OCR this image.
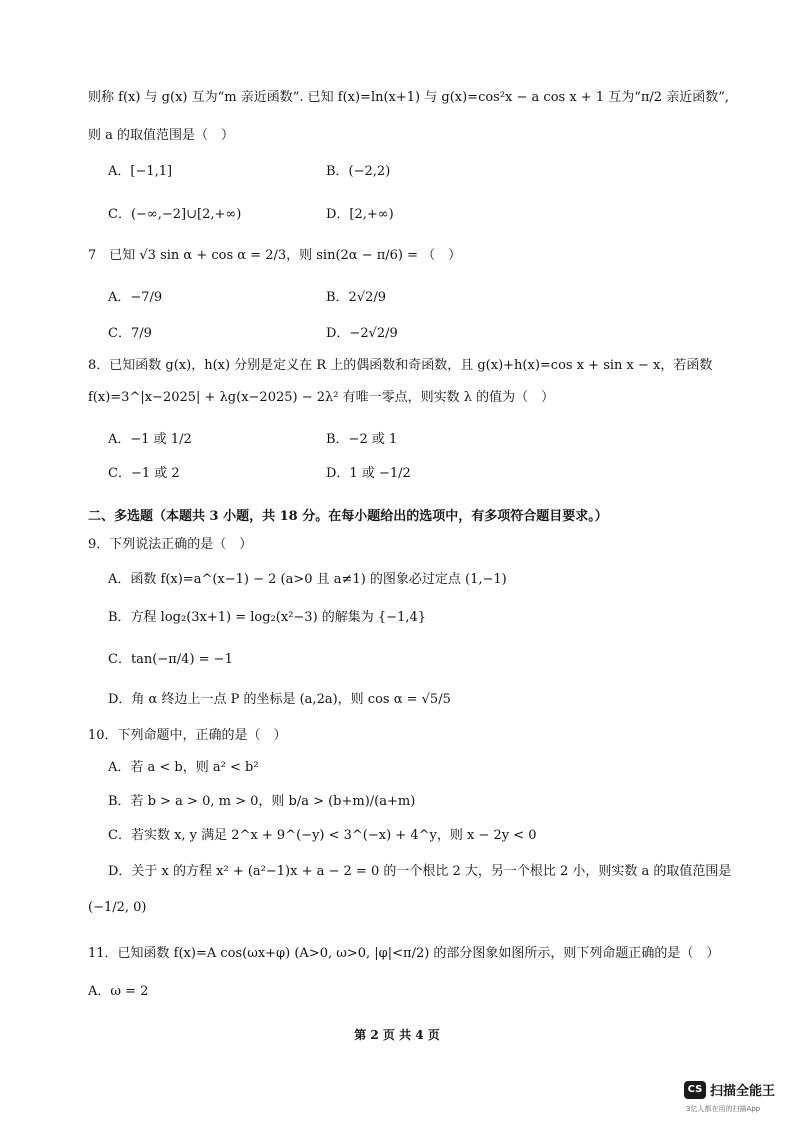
则称 f(x) 与 g(x) 互为“m 亲近函数”. 已知 f(x)=ln(x+1) 与 g(x)=cos²x − a cos x + 1 互为“π/2 亲近函数”,
则 a 的取值范围是（　）
A．[−1,1]	B．(−2,2)
C．(−∞,−2]∪[2,+∞)	D．[2,+∞)
7　已知 √3 sin α + cos α = 2/3，则 sin(2α − π/6) = （　）
A．−7/9	B．2√2/9
C．7/9	D．−2√2/9
8．已知函数 g(x)，h(x) 分别是定义在 R 上的偶函数和奇函数，且 g(x)+h(x)=cos x + sin x − x，若函数
f(x)=3^|x−2025| + λg(x−2025) − 2λ² 有唯一零点，则实数 λ 的值为（　）
A．−1 或 1/2	B．−2 或 1
C．−1 或 2	D．1 或 −1/2
二、多选题（本题共 3 小题，共 18 分。在每小题给出的选项中，有多项符合题目要求。）
9．下列说法正确的是（　）
A．函数 f(x)=a^(x−1) − 2 (a>0 且 a≠1) 的图象必过定点 (1,−1)
B．方程 log₂(3x+1) = log₂(x²−3) 的解集为 {−1,4}
C．tan(−π/4) = −1
D．角 α 终边上一点 P 的坐标是 (a,2a)，则 cos α = √5/5
10．下列命题中，正确的是（　）
A．若 a < b，则 a² < b²
B．若 b > a > 0, m > 0，则 b/a > (b+m)/(a+m)
C．若实数 x, y 满足 2^x + 9^(−y) < 3^(−x) + 4^y，则 x − 2y < 0
D．关于 x 的方程 x² + (a²−1)x + a − 2 = 0 的一个根比 2 大，另一个根比 2 小，则实数 a 的取值范围是
(−1/2, 0)
11．已知函数 f(x)=A cos(ωx+φ) (A>0, ω>0, |φ|<π/2) 的部分图象如图所示，则下列命题正确的是（　）
A．ω = 2
第 2 页 共 4 页
CS 扫描全能王
3亿人都在用的扫描App
